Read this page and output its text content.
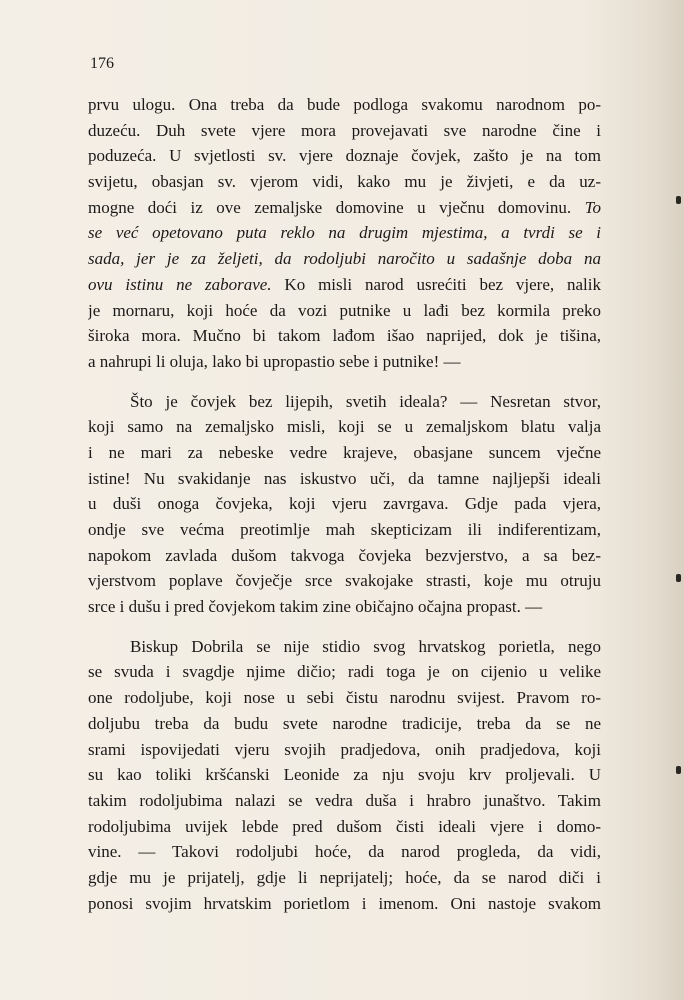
176
prvu ulogu. Ona treba da bude podloga svakomu narodnom po-
duzeću. Duh svete vjere mora provejavati sve narodne čine i
poduzeća. U svjetlosti sv. vjere doznaje čovjek, zašto je na tom
svijetu, obasjan sv. vjerom vidi, kako mu je živjeti, e da uz-
mogne doći iz ove zemaljske domovine u vječnu domovinu. To
se već opetovano puta reklo na drugim mjestima, a tvrdi se i
sada, jer je za željeti, da rodoljubi naročito u sadašnje doba na
ovu istinu ne zaborave. Ko misli narod usrećiti bez vjere, nalik
je mornaru, koji hoće da vozi putnike u lađi bez kormila preko
široka mora. Mučno bi takom lađom išao naprijed, dok je tišina,
a nahrupi li oluja, lako bi upropastio sebe i putnike! —
Što je čovjek bez lijepih, svetih ideala? — Nesretan stvor,
koji samo na zemaljsko misli, koji se u zemaljskom blatu valja
i ne mari za nebeske vedre krajeve, obasjane suncem vječne
istine! Nu svakidanje nas iskustvo uči, da tamne najljepši ideali
u duši onoga čovjeka, koji vjeru zavrgava. Gdje pada vjera,
ondje sve većma preotimlje mah skepticizam ili indiferentizam,
napokom zavlada dušom takvoga čovjeka bezvjerstvo, a sa bez-
vjerstvom poplave čovječje srce svakojake strasti, koje mu otruju
srce i dušu i pred čovjekom takim zine običajno očajna propast. —
Biskup Dobrila se nije stidio svog hrvatskog porietla, nego
se svuda i svagdje njime dičio; radi toga je on cijenio u velike
one rodoljube, koji nose u sebi čistu narodnu svijest. Pravom ro-
doljubu treba da budu svete narodne tradicije, treba da se ne
srami ispovijedati vjeru svojih pradjedova, onih pradjedova, koji
su kao toliki kršćanski Leonide za nju svoju krv proljevali. U
takim rodoljubima nalazi se vedra duša i hrabro junaštvo. Takim
rodoljubima uvijek lebde pred dušom čisti ideali vjere i domo-
vine. — Takovi rodoljubi hoće, da narod progleda, da vidi,
gdje mu je prijatelj, gdje li neprijatelj; hoće, da se narod diči i
ponosi svojim hrvatskim porietlom i imenom. Oni nastoje svakom
